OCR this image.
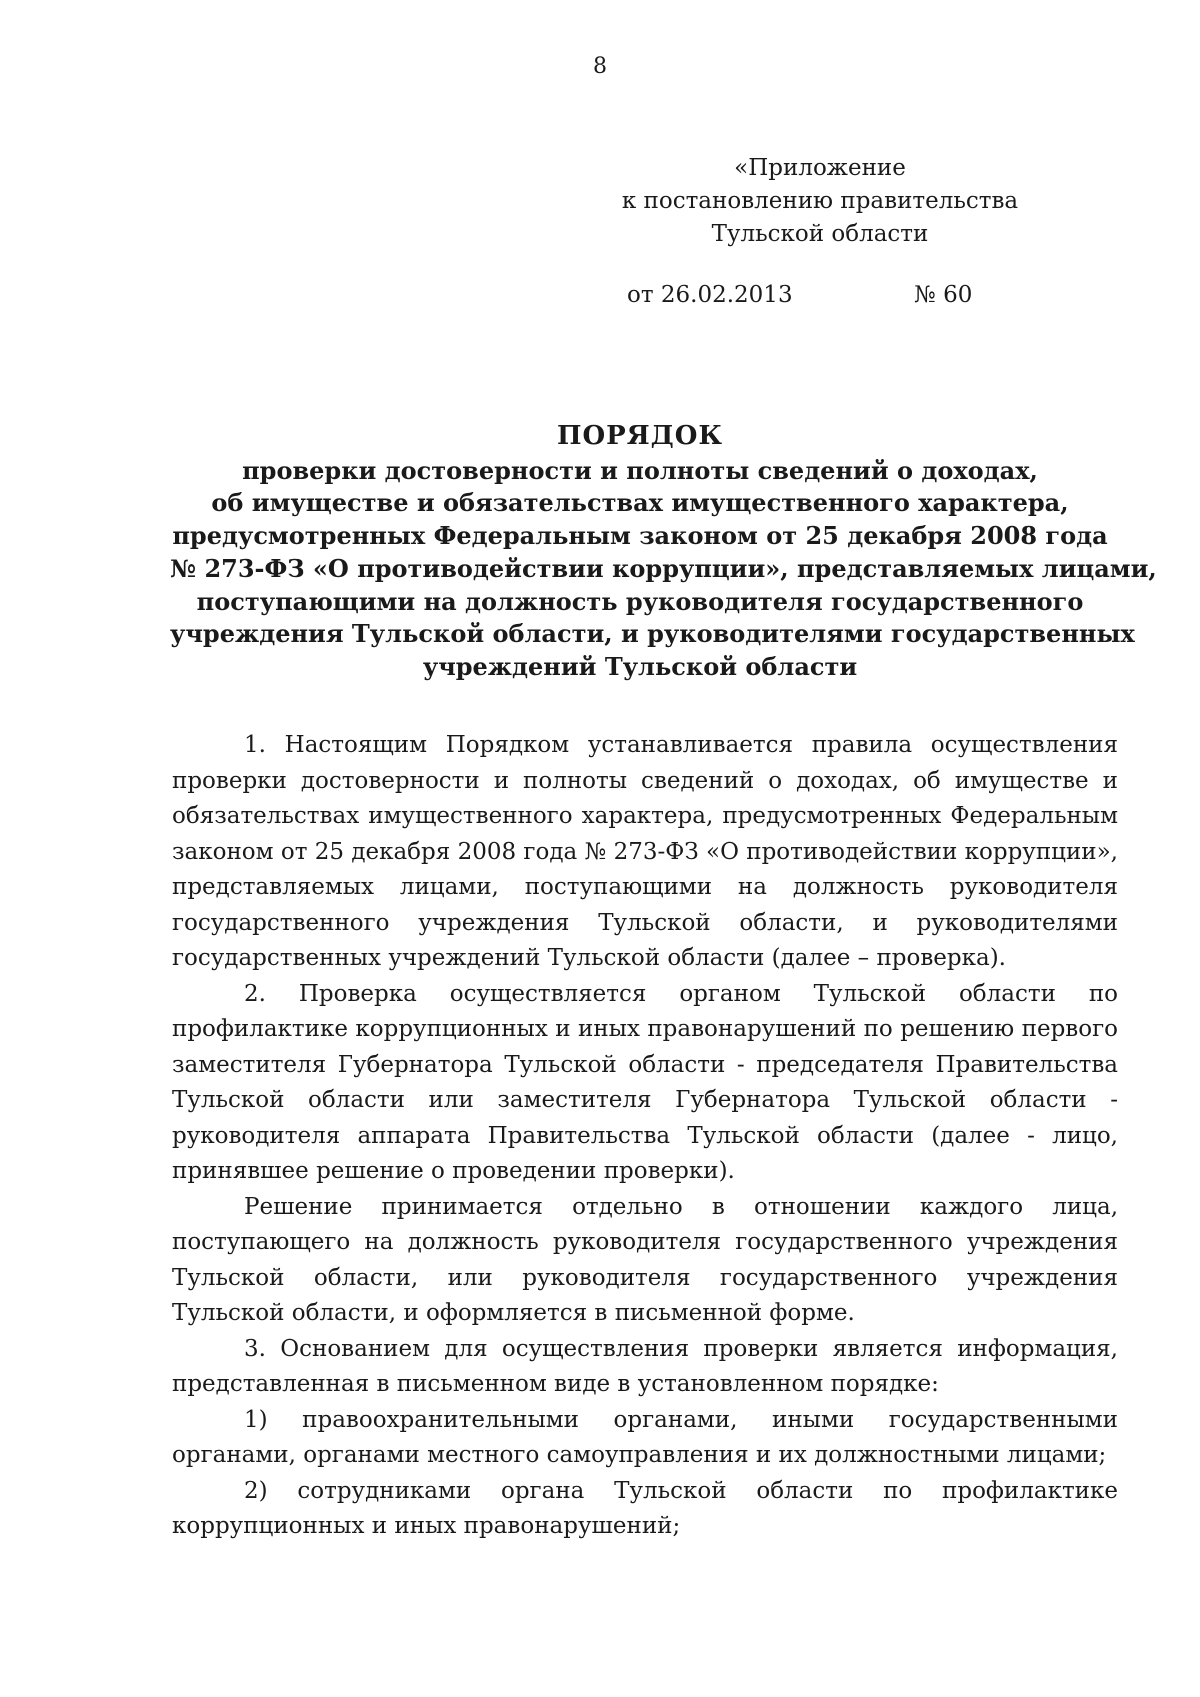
8
«Приложение
к постановлению правительства
Тульской области
от 26.02.2013	№ 60
ПОРЯДОК
проверки достоверности и полноты сведений о доходах,
об имуществе и обязательствах имущественного характера,
предусмотренных Федеральным законом от 25 декабря 2008 года
№ 273-ФЗ «О противодействии коррупции», представляемых лицами,
поступающими на должность руководителя государственного
учреждения Тульской области, и руководителями государственных
учреждений Тульской области

1. Настоящим Порядком устанавливается правила осуществления проверки достоверности и полноты сведений о доходах, об имуществе и обязательствах имущественного характера, предусмотренных Федеральным законом от 25 декабря 2008 года № 273-ФЗ «О противодействии коррупции», представляемых лицами, поступающими на должность руководителя государственного учреждения Тульской области, и руководителями государственных учреждений Тульской области (далее – проверка).

2. Проверка осуществляется органом Тульской области по профилактике коррупционных и иных правонарушений по решению первого заместителя Губернатора Тульской области - председателя Правительства Тульской области или заместителя Губернатора Тульской области - руководителя аппарата Правительства Тульской области (далее - лицо, принявшее решение о проведении проверки).

Решение принимается отдельно в отношении каждого лица, поступающего на должность руководителя государственного учреждения Тульской области, или руководителя государственного учреждения Тульской области, и оформляется в письменной форме.

3. Основанием для осуществления проверки является информация, представленная в письменном виде в установленном порядке:

1) правоохранительными органами, иными государственными органами, органами местного самоуправления и их должностными лицами;

2) сотрудниками органа Тульской области по профилактике коррупционных и иных правонарушений;
